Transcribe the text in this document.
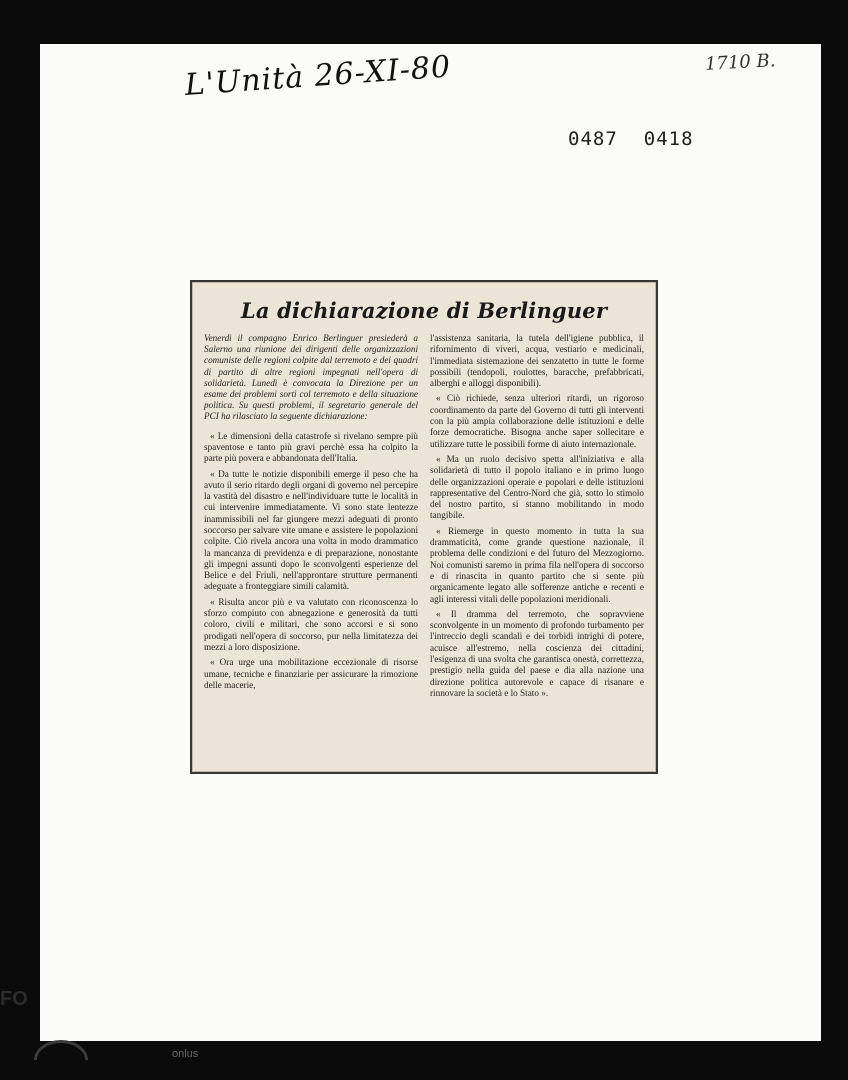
L'Unità 26-XI-80	1710 B.
0487 0418
La dichiarazione di Berlinguer

Venerdì il compagno Enrico Berlinguer presiederà a Salerno una riunione dei dirigenti delle organizzazioni comuniste delle regioni colpite dal terremoto e dei quadri di partito di altre regioni impegnati nell'opera di solidarietà. Lunedì è convocata la Direzione per un esame dei problemi sorti col terremoto e della situazione politica. Su questi problemi, il segretario generale del PCI ha rilasciato la seguente dichiarazione:

« Le dimensioni della catastrofe si rivelano sempre più spaventose e tanto più gravi perchè essa ha colpito la parte più povera e abbandonata dell'Italia.

« Da tutte le notizie disponibili emerge il peso che ha avuto il serio ritardo degli organi di governo nel percepire la vastità del disastro e nell'individuare tutte le località in cui intervenire immediatamente. Vi sono state lentezze inammissibili nel far giungere mezzi adeguati di pronto soccorso per salvare vite umane e assistere le popolazioni colpite. Ciò rivela ancora una volta in modo drammatico la mancanza di previdenza e di preparazione, nonostante gli impegni assunti dopo le sconvolgenti esperienze del Belice e del Friuli, nell'approntare strutture permanenti adeguate a fronteggiare simili calamità.

« Risulta ancor più e va valutato con riconoscenza lo sforzo compiuto con abnegazione e generosità da tutti coloro, civili e militari, che sono accorsi e si sono prodigati nell'opera di soccorso, pur nella limitatezza dei mezzi a loro disposizione.

« Ora urge una mobilitazione eccezionale di risorse umane, tecniche e finanziarie per assicurare la rimozione delle macerie,

l'assistenza sanitaria, la tutela dell'igiene pubblica, il rifornimento di viveri, acqua, vestiario e medicinali, l'immediata sistemazione dei senzatetto in tutte le forme possibili (tendopoli, roulottes, baracche, prefabbricati, alberghi e alloggi disponibili).

« Ciò richiede, senza ulteriori ritardi, un rigoroso coordinamento da parte del Governo di tutti gli interventi con la più ampia collaborazione delle istituzioni e delle forze democratiche. Bisogna anche saper sollecitare e utilizzare tutte le possibili forme di aiuto internazionale.

« Ma un ruolo decisivo spetta all'iniziativa e alla solidarietà di tutto il popolo italiano e in primo luogo delle organizzazioni operaie e popolari e delle istituzioni rappresentative del Centro-Nord che già, sotto lo stimolo del nostro partito, si stanno mobilitando in modo tangibile.

« Riemerge in questo momento in tutta la sua drammaticità, come grande questione nazionale, il problema delle condizioni e del futuro del Mezzogiorno. Noi comunisti saremo in prima fila nell'opera di soccorso e di rinascita in quanto partito che si sente più organicamente legato alle sofferenze antiche e recenti e agli interessi vitali delle popolazioni meridionali.

« Il dramma del terremoto, che sopravviene sconvolgente in un momento di profondo turbamento per l'intreccio degli scandali e dei torbidi intrighi di potere, acuisce all'estremo, nella coscienza dei cittadini, l'esigenza di una svolta che garantisca onestà, correttezza, prestigio nella guida del paese e dia alla nazione una direzione politica autorevole e capace di risanare e rinnovare la società e lo Stato ».

FO
onlus
